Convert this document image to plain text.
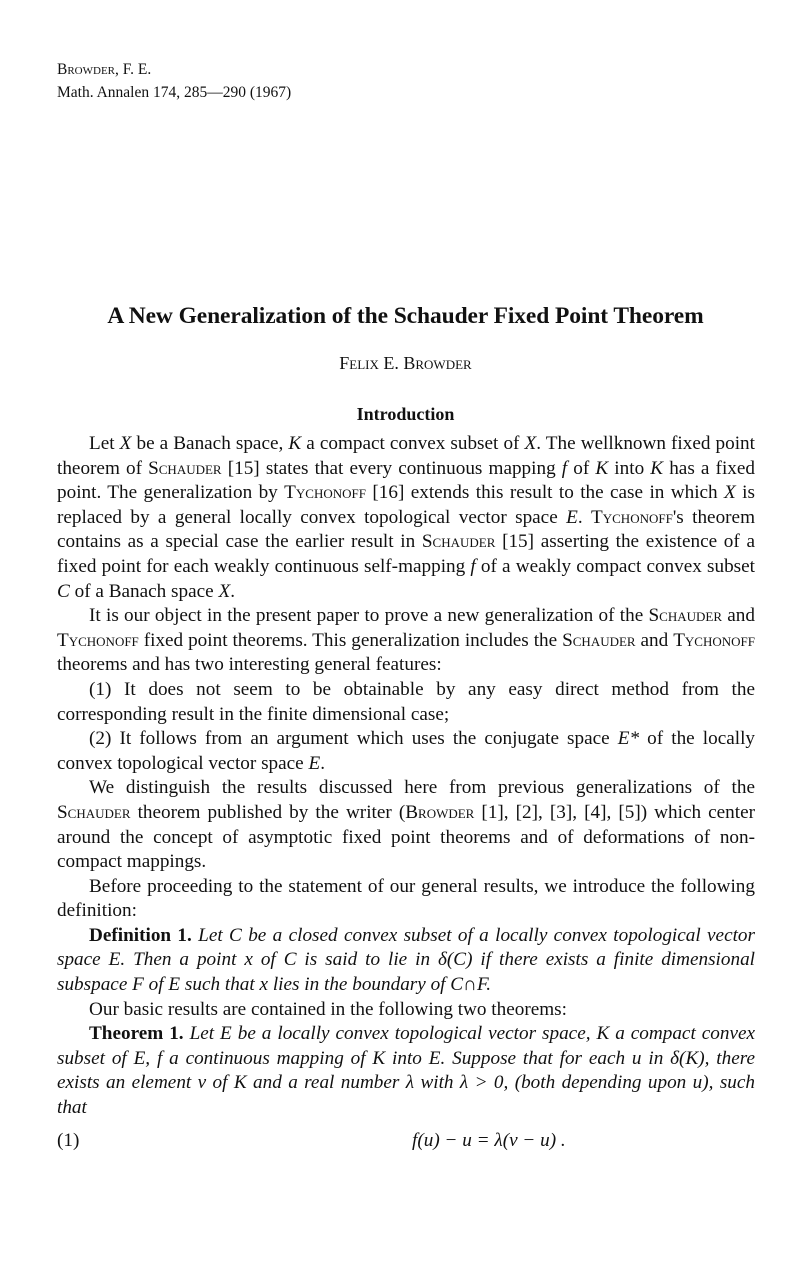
Browder, F. E.
Math. Annalen 174, 285—290 (1967)
A New Generalization of the Schauder Fixed Point Theorem
Felix E. Browder
Introduction

Let X be a Banach space, K a compact convex subset of X. The wellknown fixed point theorem of Schauder [15] states that every continuous mapping f of K into K has a fixed point. The generalization by Tychonoff [16] extends this result to the case in which X is replaced by a general locally convex topological vector space E. Tychonoff's theorem contains as a special case the earlier result in Schauder [15] asserting the existence of a fixed point for each weakly continuous self-mapping f of a weakly compact convex subset C of a Banach space X.

It is our object in the present paper to prove a new generalization of the Schauder and Tychonoff fixed point theorems. This generalization includes the Schauder and Tychonoff theorems and has two interesting general features:

(1) It does not seem to be obtainable by any easy direct method from the corresponding result in the finite dimensional case;

(2) It follows from an argument which uses the conjugate space E* of the locally convex topological vector space E.

We distinguish the results discussed here from previous generalizations of the Schauder theorem published by the writer (Browder [1], [2], [3], [4], [5]) which center around the concept of asymptotic fixed point theorems and of deformations of non-compact mappings.

Before proceeding to the statement of our general results, we introduce the following definition:

Definition 1. Let C be a closed convex subset of a locally convex topological vector space E. Then a point x of C is said to lie in δ(C) if there exists a finite dimensional subspace F of E such that x lies in the boundary of C∩F.

Our basic results are contained in the following two theorems:

Theorem 1. Let E be a locally convex topological vector space, K a compact convex subset of E, f a continuous mapping of K into E. Suppose that for each u in δ(K), there exists an element v of K and a real number λ with λ > 0, (both depending upon u), such that

(1)	f(u) − u = λ(v − u) .
